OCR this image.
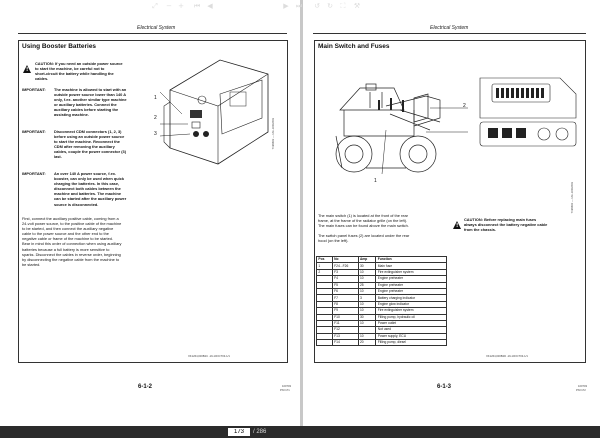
Electrical System
Using Booster Batteries
!
CAUTION: If you need an outside power source
to start the machine, be careful not to
short-circuit the battery while handling the
cables.
IMPORTANT: The machine is allowed to start with an
outside power source lower than 140 A
only, f.ex. another similar type machine
or auxiliary batteries. Connect the
auxiliary cables before starting the
assisting machine.
IMPORTANT: Disconnect CDM connectors (1, 2, 3)
before using an outside power source
to start the machine. Reconnect the
CDM after removing the auxiliary
cables, couple the power connector (3)
last.
IMPORTANT: An over 140 A power source, f.ex.
booster, can only be used when quick
charging the batteries. In this case,
disconnect both cables between the
machine and batteries. The machine
can be started after the auxiliary power
source is disconnected.
First, connect the auxiliary positive cable, coming from a
24-volt power source, to the positive cable of the machine
to be started, and then connect the auxiliary negative
cable to the power source and the other end to the
negative cable or frame of the machine to be started.
Bear in mind this order of connection when using auxiliary
batteries because a full battery is more sensitive to
sparks. Disconnect the cables in reverse order, beginning
by disconnecting the negative cable from the machine to
be started.
1
2
3	T196683 — UN–18FEB03
XK1264,000B2C -19-10OCT03-1/1
6-1-2	100703
PN=171
Electrical System
Main Switch and Fuses
2
1
T196682 — UN–18FEB03
The main switch (1) is located at the front of the rear
frame, at the frame of the radiator grille (on the left).
The main fuses can be found above the main switch.
The switch panel fuses (2) are located under the rear
hood (on the left).
!
CAUTION: Before replacing main fuses
always disconnect the battery negative cable
from the chassis.
Pos	No	Amp	Function
1	F24...F26	30	Main fuse
2	F3	10	Fire extinguisher system
	F4	10	Engine preheater
	F5	25	Engine preheater
	F6	10	Engine preheater
	F7	3	Battery charging indicator
	F8	10	Engine glow indicator
	F9	10	Fire extinguisher system
	F10	30	Filling pump, hydraulic oil
	F11	10	Power outlet
	F12		Not used
	F13	10	Power supply, ECU
	F14	20	Filling pump, diesel
XK1264,000B2D -19-10OCT03-1/1
6-1-3	100703
PN=172
⤢	− + ⏮	◀
173
/ 286
▶	⏭ ↺ ↻	⛶	⚒
